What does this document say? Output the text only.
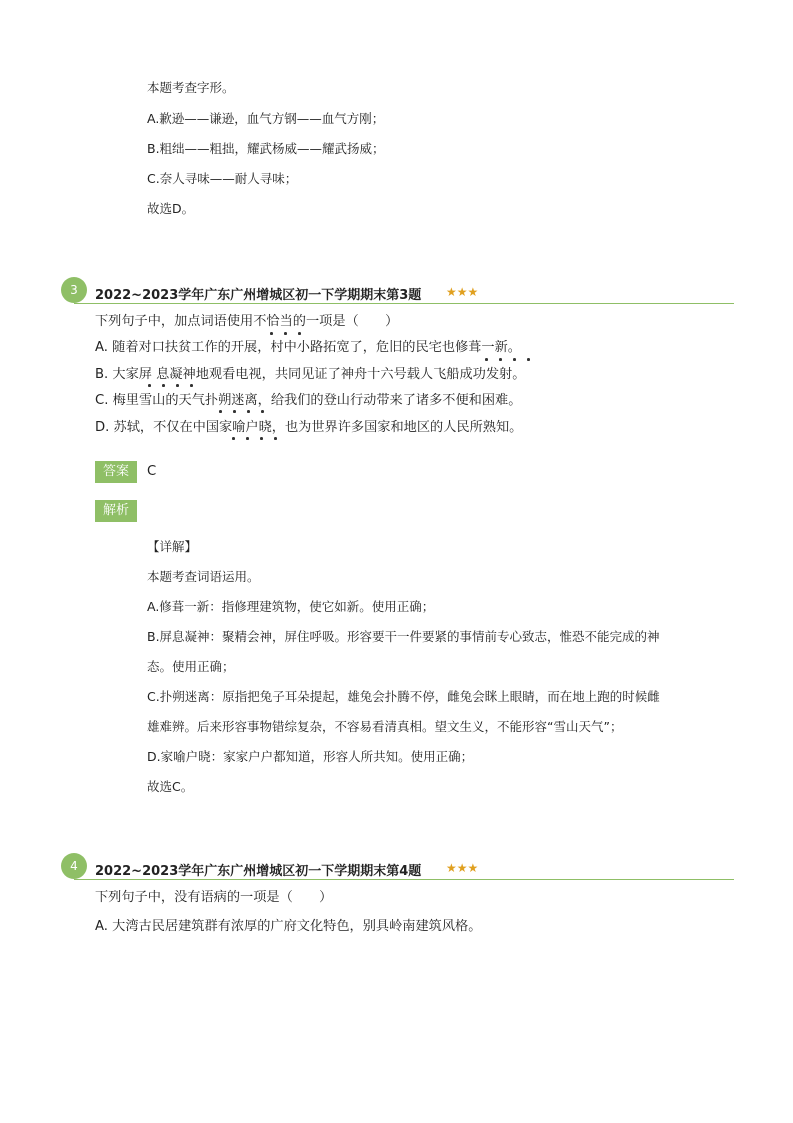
本题考查字形。
A.歉逊——谦逊，血气方钢——血气方刚；
B.粗绌——粗拙，耀武杨威——耀武扬威；
C.奈人寻味——耐人寻味；
故选D。
3	2022~2023学年广东广州增城区初一下学期期末第3题 ★★★
下列句子中，加点词语使用不恰当的一项是（　　）
A. 随着对口扶贫工作的开展，村中小路拓宽了，危旧的民宅也修葺一新。
B. 大家屏 息凝神地观看电视，共同见证了神舟十六号载人飞船成功发射。
C. 梅里雪山的天气扑朔迷离，给我们的登山行动带来了诸多不便和困难。
D. 苏轼，不仅在中国家喻户晓，也为世界许多国家和地区的人民所熟知。
答案	C
解析
【详解】
本题考查词语运用。
A.修葺一新：指修理建筑物，使它如新。使用正确；
B.屏息凝神：聚精会神，屏住呼吸。形容要干一件要紧的事情前专心致志，惟恐不能完成的神
态。使用正确；
C.扑朔迷离：原指把兔子耳朵提起，雄兔会扑腾不停，雌兔会眯上眼睛，而在地上跑的时候雌
雄难辨。后来形容事物错综复杂，不容易看清真相。望文生义，不能形容“雪山天气”；
D.家喻户晓：家家户户都知道，形容人所共知。使用正确；
故选C。
4	2022~2023学年广东广州增城区初一下学期期末第4题 ★★★
下列句子中，没有语病的一项是（　　）
A. 大湾古民居建筑群有浓厚的广府文化特色，别具岭南建筑风格。
